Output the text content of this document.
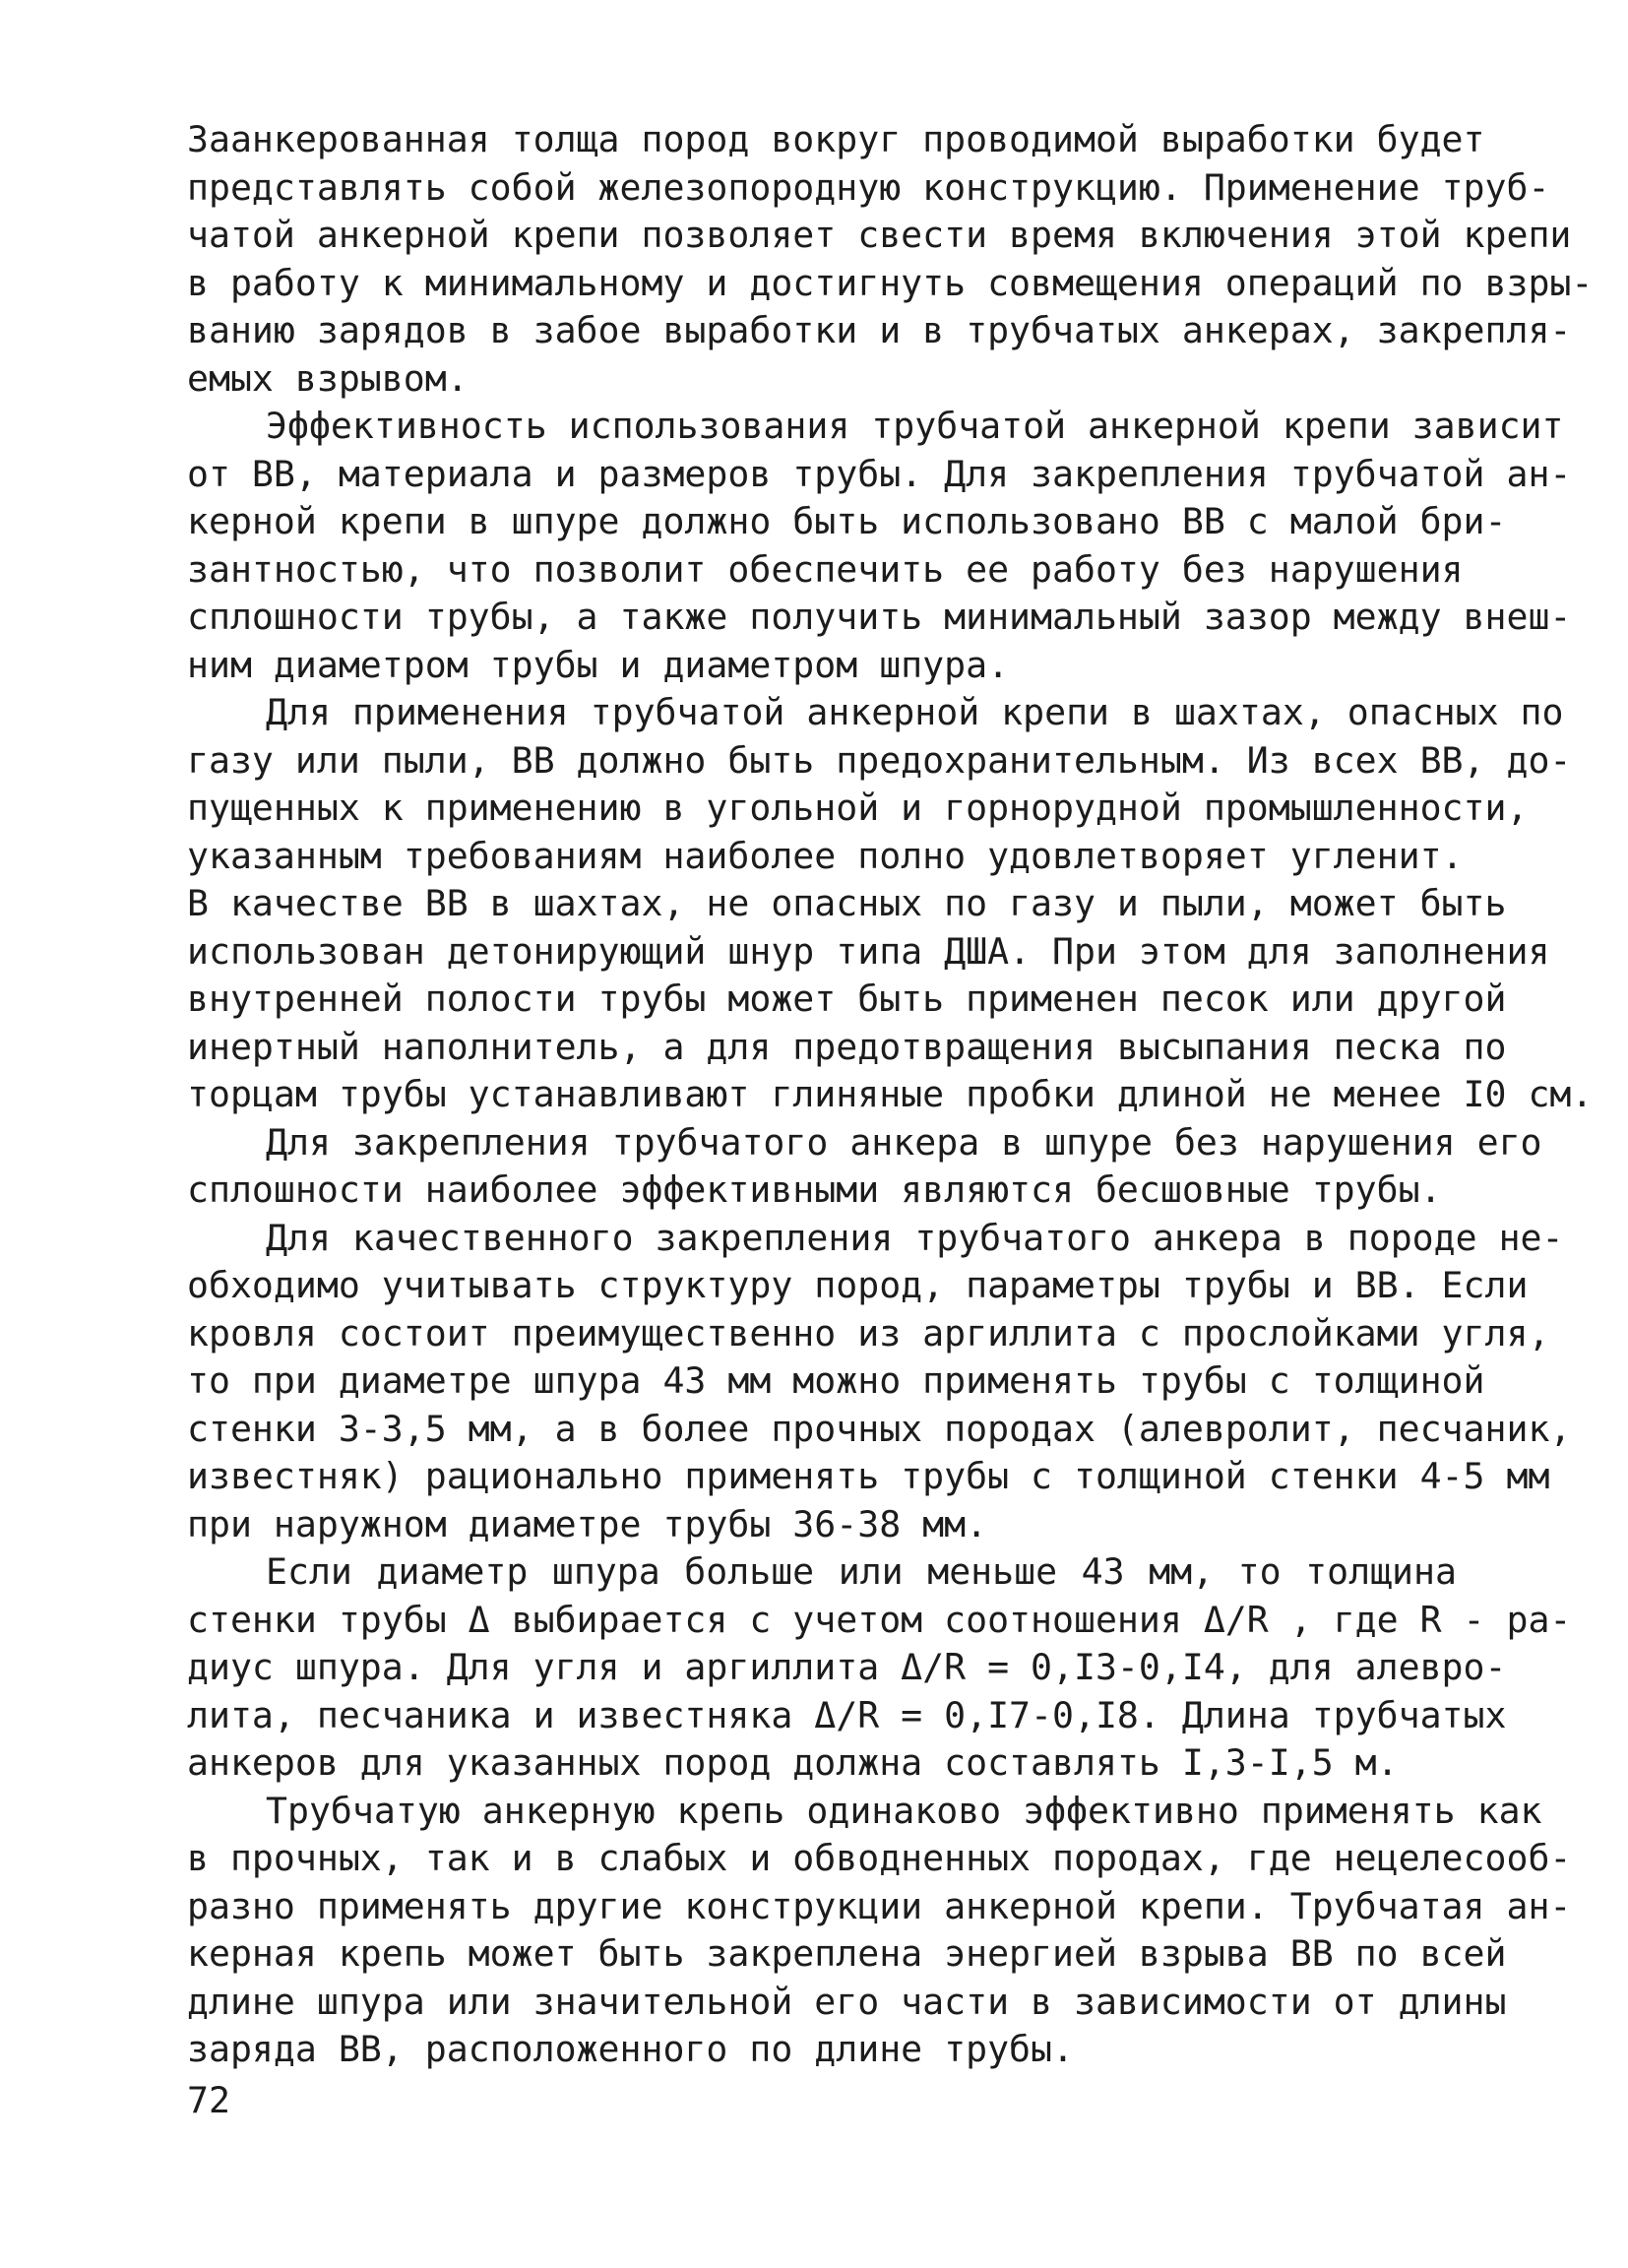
Заанкерованная толща пород вокруг проводимой выработки будет
представлять собой железопородную конструкцию. Применение труб-
чатой анкерной крепи позволяет свести время включения этой крепи
в работу к минимальному и достигнуть совмещения операций по взры-
ванию зарядов в забое выработки и в трубчатых анкерах, закрепля-
емых взрывом.
Эффективность использования трубчатой анкерной крепи зависит
от ВВ, материала и размеров трубы. Для закрепления трубчатой ан-
керной крепи в шпуре должно быть использовано ВВ с малой бри-
зантностью, что позволит обеспечить ее работу без нарушения
сплошности трубы, а также получить минимальный зазор между внеш-
ним диаметром трубы и диаметром шпура.
Для применения трубчатой анкерной крепи в шахтах, опасных по
газу или пыли, ВВ должно быть предохранительным. Из всех ВВ, до-
пущенных к применению в угольной и горнорудной промышленности,
указанным требованиям наиболее полно удовлетворяет угленит.
В качестве ВВ в шахтах, не опасных по газу и пыли, может быть
использован детонирующий шнур типа ДША. При этом для заполнения
внутренней полости трубы может быть применен песок или другой
инертный наполнитель, а для предотвращения высыпания песка по
торцам трубы устанавливают глиняные пробки длиной не менее I0 см.
Для закрепления трубчатого анкера в шпуре без нарушения его
сплошности наиболее эффективными являются бесшовные трубы.
Для качественного закрепления трубчатого анкера в породе не-
обходимо учитывать структуру пород, параметры трубы и ВВ. Если
кровля состоит преимущественно из аргиллита с прослойками угля,
то при диаметре шпура 43 мм можно применять трубы с толщиной
стенки 3-3,5 мм, а в более прочных породах (алевролит, песчаник,
известняк) рационально применять трубы с толщиной стенки 4-5 мм
при наружном диаметре трубы 36-38 мм.
Если диаметр шпура больше или меньше 43 мм, то толщина
стенки трубы Δ выбирается с учетом соотношения Δ/R , где R - ра-
диус шпура. Для угля и аргиллита Δ/R = 0,I3-0,I4, для алевро-
лита, песчаника и известняка Δ/R = 0,I7-0,I8. Длина трубчатых
анкеров для указанных пород должна составлять I,3-I,5 м.
Трубчатую анкерную крепь одинаково эффективно применять как
в прочных, так и в слабых и обводненных породах, где нецелесооб-
разно применять другие конструкции анкерной крепи. Трубчатая ан-
керная крепь может быть закреплена энергией взрыва ВВ по всей
длине шпура или значительной его части в зависимости от длины
заряда ВВ, расположенного по длине трубы.
72
